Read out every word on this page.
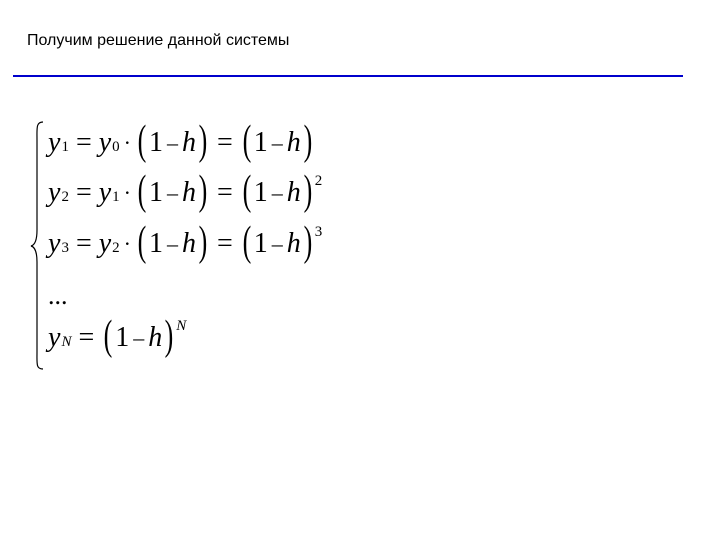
Получим решение данной системы
$y_1 = y_0$ · ( 1 – h ) = ( 1 – h )
$y_2 = y_1$ · ( 1 – h ) = ( 1 – h )$^2$
$y_3 = y_2$ · ( 1 – h ) = ( 1 – h )$^3$
...
$y_N$ = ( 1 – h )$^N$
